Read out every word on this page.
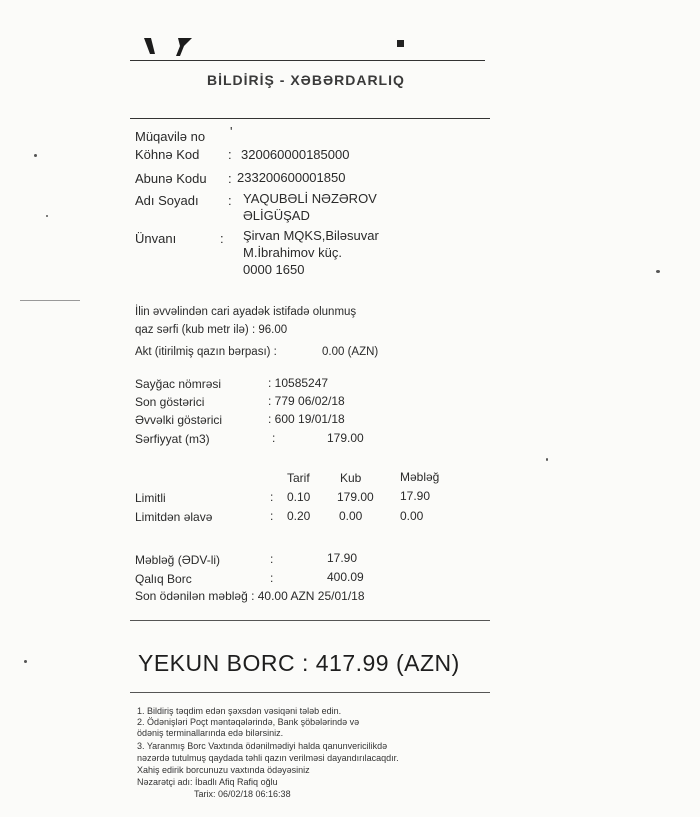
BİLDİRİŞ - XƏBƏRDARLIQ
Müqavilə no '
Köhnə Kod : 320060000185000
Abunə Kodu : 233200600001850
Adı Soyadı : YAQUBƏLİ NƏZƏROV
ƏLİGÜŞAD
Ünvanı	: Şirvan MQKS,Biləsuvar
M.İbrahimov küç.
0000 1650
İlin əvvəlindən cari ayadək istifadə olunmuş
qaz sərfi (kub metr ilə) : 96.00
Akt (itirilmiş qazın bərpası) :	0.00 (AZN)
Sayğac nömrəsi	: 10585247
Son göstərici	: 779 06/02/18
Əvvəlki göstərici	: 600 19/01/18
Sərfiyyat (m3)	:	179.00
Tarif	Kub	Məbləğ
Limitli	: 0.10 179.00 17.90
Limitdən əlavə	: 0.20 0.00	0.00
Məbləğ (ƏDV-li)	:	17.90
Qalıq Borc	:	400.09
Son ödənilən məbləğ : 40.00 AZN 25/01/18
YEKUN BORC : 417.99 (AZN)
1. Bildiriş təqdim edən şəxsdən vəsiqəni tələb edin.
2. Ödənişləri Poçt məntəqələrində, Bank şöbələrində və
ödəniş terminallarında edə bilərsiniz.
3. Yaranmış Borc Vaxtında ödənilmədiyi halda qanunvericilikdə
nəzərdə tutulmuş qaydada təhli qazın verilməsi dayandırılacaqdır.
Xahiş edirik borcunuzu vaxtında ödəyəsiniz
Nəzarətçi adı: İbadlı Afiq Rafiq oğlu
Tarix: 06/02/18 06:16:38
